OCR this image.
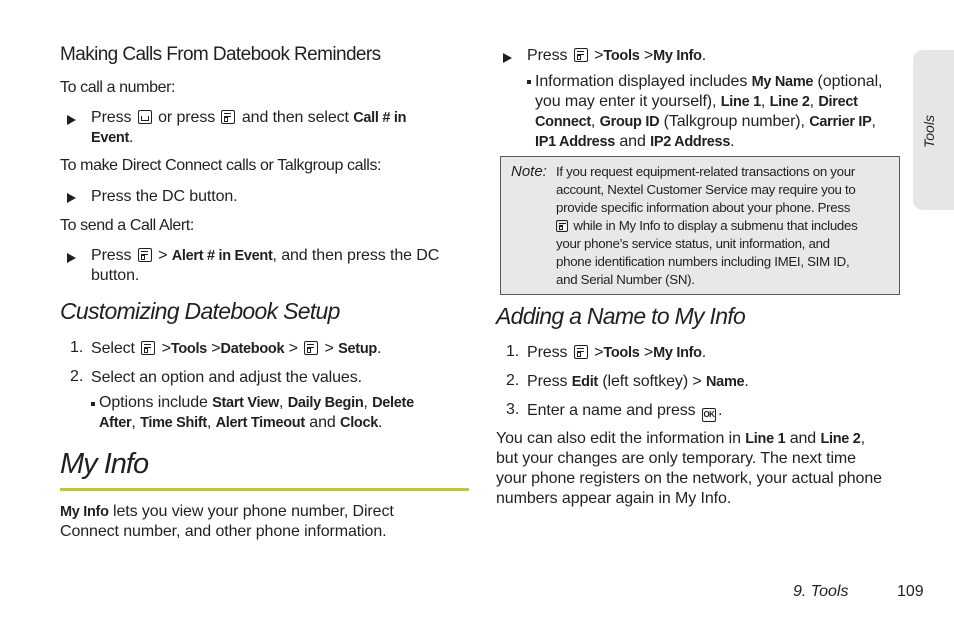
Tools
Making Calls From Datebook Reminders
To call a number:
Press or press and then select Call # in
Event.
To make Direct Connect calls or Talkgroup calls:
Press the DC button.
To send a Call Alert:
Press > Alert # in Event, and then press the DC
button.
Customizing Datebook Setup
1. Select >Tools >Datebook > > Setup.
2. Select an option and adjust the values.
Options include Start View, Daily Begin, Delete
After, Time Shift, Alert Timeout and Clock.
My Info
My Info lets you view your phone number, Direct
Connect number, and other phone information.
Press >Tools >My Info.
Information displayed includes My Name (optional,
you may enter it yourself), Line 1, Line 2, Direct
Connect, Group ID (Talkgroup number), Carrier IP,
IP1 Address and IP2 Address.
Note: If you request equipment-related transactions on your
account, Nextel Customer Service may require you to
provide specific information about your phone. Press

while in My Info to display a submenu that includes
your phone’s service status, unit information, and
phone identification numbers including IMEI, SIM ID,
and Serial Number (SN).
Adding a Name to My Info
1. Press >Tools >My Info.
2. Press Edit (left softkey) > Name.
3. Enter a name and press OK .
You can also edit the information in Line 1 and Line 2,
but your changes are only temporary. The next time
your phone registers on the network, your actual phone
numbers appear again in My Info.
9. Tools	109
